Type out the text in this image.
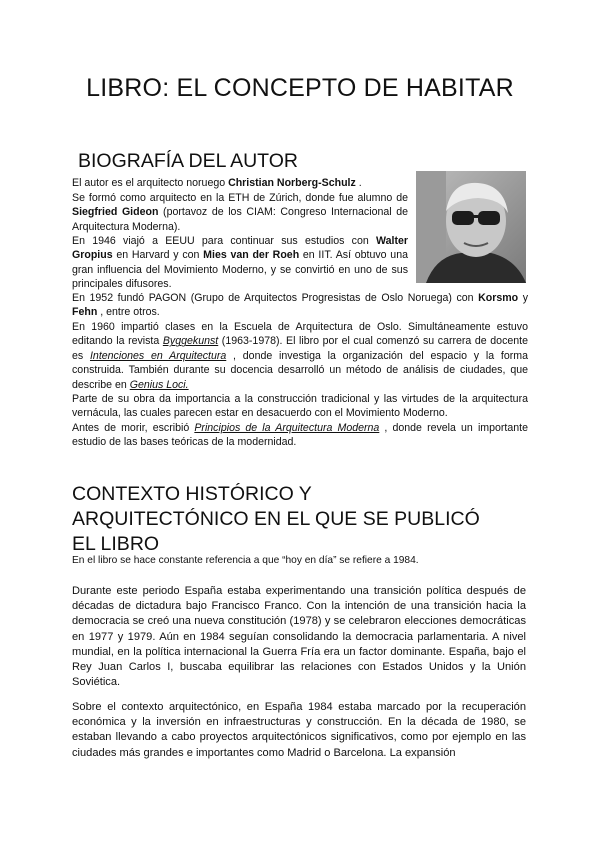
LIBRO: EL CONCEPTO DE HABITAR
BIOGRAFÍA DEL AUTOR

El autor es el arquitecto noruego Christian Norberg-Schulz .

Se formó como arquitecto en la ETH de Zúrich, donde fue alumno de Siegfried Gideon (portavoz de los CIAM: Congreso Internacional de Arquitectura Moderna).

En 1946 viajó a EEUU para continuar sus estudios con Walter Gropius en Harvard y con Mies van der Roeh en IIT. Así obtuvo una gran influencia del Movimiento Moderno, y se convirtió en uno de sus principales difusores.

En 1952 fundó PAGON (Grupo de Arquitectos Progresistas de Oslo Noruega) con Korsmo y Fehn , entre otros.

En 1960 impartió clases en la Escuela de Arquitectura de Oslo. Simultáneamente estuvo editando la revista Byggekunst (1963-1978). El libro por el cual comenzó su carrera de docente es Intenciones en Arquitectura , donde investiga la organización del espacio y la forma construida. También durante su docencia desarrolló un método de análisis de ciudades, que describe en Genius Loci.

Parte de su obra da importancia a la construcción tradicional y las virtudes de la arquitectura vernácula, las cuales parecen estar en desacuerdo con el Movimiento Moderno.

Antes de morir, escribió Principios de la Arquitectura Moderna , donde revela un importante estudio de las bases teóricas de la modernidad.

CONTEXTO HISTÓRICO Y
ARQUITECTÓNICO EN EL QUE SE PUBLICÓ
EL LIBRO

En el libro se hace constante referencia a que “hoy en día” se refiere a 1984.

Durante este periodo España estaba experimentando una transición política después de décadas de dictadura bajo Francisco Franco. Con la intención de una transición hacia la democracia se creó una nueva constitución (1978) y se celebraron elecciones democráticas en 1977 y 1979. Aún en 1984 seguían consolidando la democracia parlamentaria. A nivel mundial, en la política internacional la Guerra Fría era un factor dominante. España, bajo el Rey Juan Carlos I, buscaba equilibrar las relaciones con Estados Unidos y la Unión Soviética.

Sobre el contexto arquitectónico, en España 1984 estaba marcado por la recuperación económica y la inversión en infraestructuras y construcción. En la década de 1980, se estaban llevando a cabo proyectos arquitectónicos significativos, como por ejemplo en las ciudades más grandes e importantes como Madrid o Barcelona. La expansión
